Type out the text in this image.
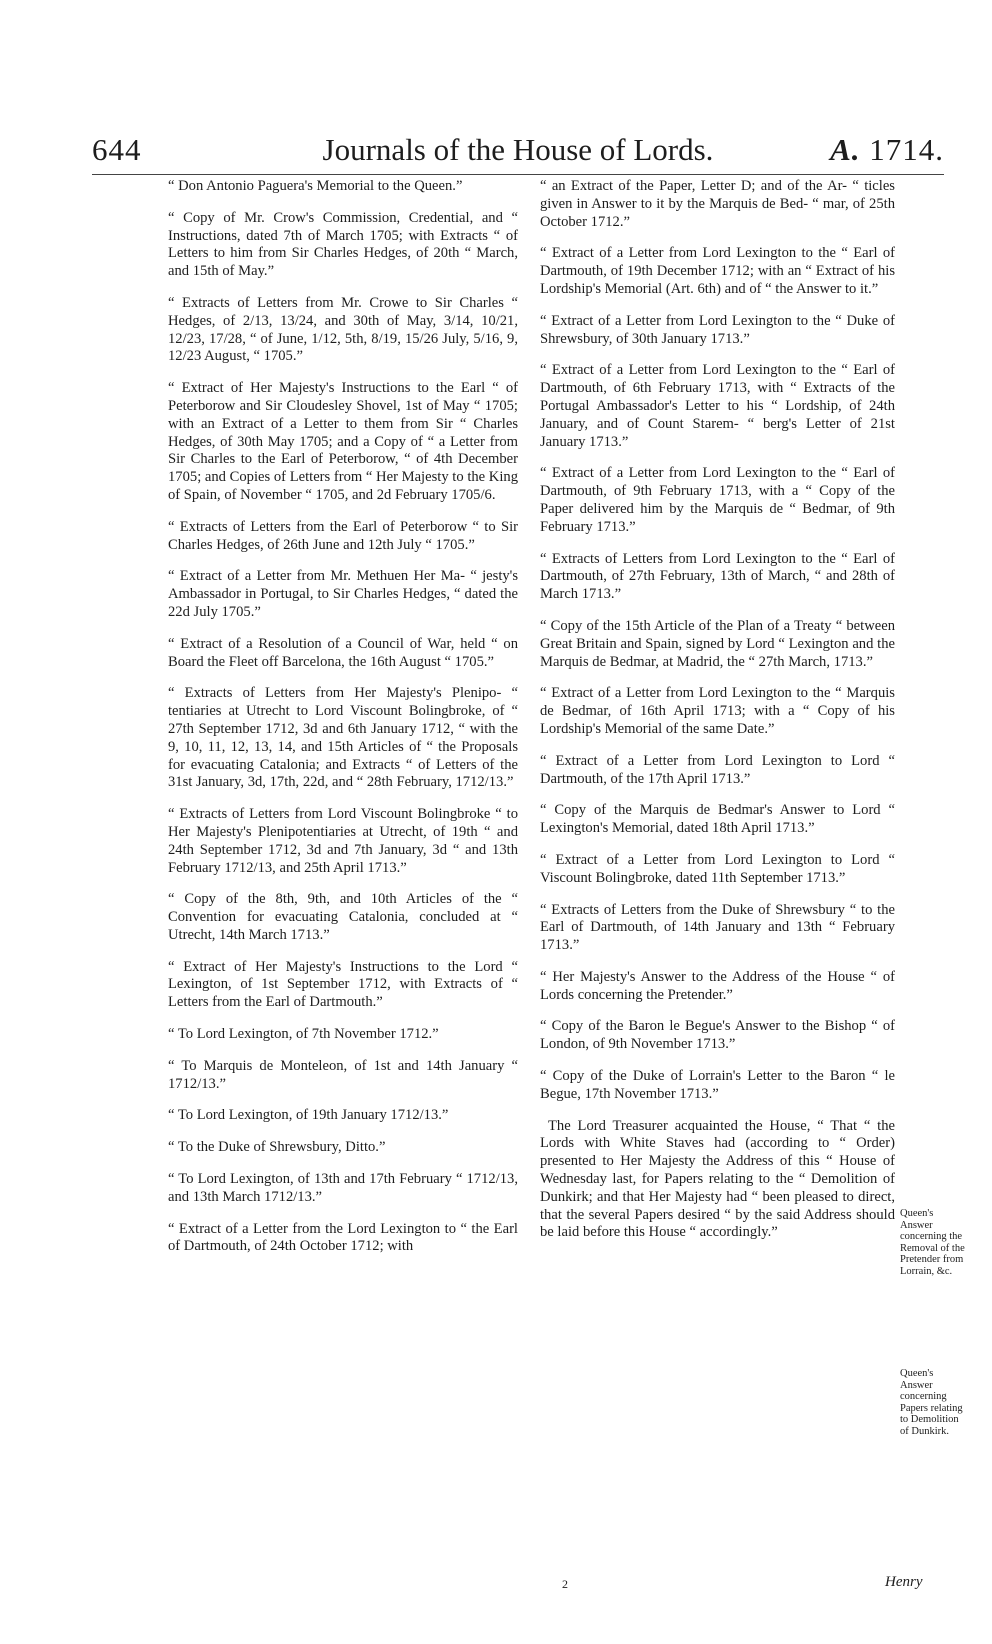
644	Journals of the House of Lords.	A. 1714.

“ Don Antonio Paguera's Memorial to the Queen.”

“ Copy of Mr. Crow's Commission, Credential, and “ Instructions, dated 7th of March 1705; with Extracts “ of Letters to him from Sir Charles Hedges, of 20th “ March, and 15th of May.”

“ Extracts of Letters from Mr. Crowe to Sir Charles “ Hedges, of 2/13, 13/24, and 30th of May, 3/14, 10/21, 12/23, 17/28, “ of June, 1/12, 5th, 8/19, 15/26 July, 5/16, 9, 12/23 August, “ 1705.”

“ Extract of Her Majesty's Instructions to the Earl “ of Peterborow and Sir Cloudesley Shovel, 1st of May “ 1705; with an Extract of a Letter to them from Sir “ Charles Hedges, of 30th May 1705; and a Copy of “ a Letter from Sir Charles to the Earl of Peterborow, “ of 4th December 1705; and Copies of Letters from “ Her Majesty to the King of Spain, of November “ 1705, and 2d February 1705/6.

“ Extracts of Letters from the Earl of Peterborow “ to Sir Charles Hedges, of 26th June and 12th July “ 1705.”

“ Extract of a Letter from Mr. Methuen Her Ma- “ jesty's Ambassador in Portugal, to Sir Charles Hedges, “ dated the 22d July 1705.”

“ Extract of a Resolution of a Council of War, held “ on Board the Fleet off Barcelona, the 16th August “ 1705.”

“ Extracts of Letters from Her Majesty's Plenipo- “ tentiaries at Utrecht to Lord Viscount Bolingbroke, of “ 27th September 1712, 3d and 6th January 1712, “ with the 9, 10, 11, 12, 13, 14, and 15th Articles of “ the Proposals for evacuating Catalonia; and Extracts “ of Letters of the 31st January, 3d, 17th, 22d, and “ 28th February, 1712/13.”

“ Extracts of Letters from Lord Viscount Bolingbroke “ to Her Majesty's Plenipotentiaries at Utrecht, of 19th “ and 24th September 1712, 3d and 7th January, 3d “ and 13th February 1712/13, and 25th April 1713.”

“ Copy of the 8th, 9th, and 10th Articles of the “ Convention for evacuating Catalonia, concluded at “ Utrecht, 14th March 1713.”

“ Extract of Her Majesty's Instructions to the Lord “ Lexington, of 1st September 1712, with Extracts of “ Letters from the Earl of Dartmouth.”

“ To Lord Lexington, of 7th November 1712.”

“ To Marquis de Monteleon, of 1st and 14th January “ 1712/13.”

“ To Lord Lexington, of 19th January 1712/13.”

“ To the Duke of Shrewsbury, Ditto.”

“ To Lord Lexington, of 13th and 17th February “ 1712/13, and 13th March 1712/13.”

“ Extract of a Letter from the Lord Lexington to “ the Earl of Dartmouth, of 24th October 1712; with

“ an Extract of the Paper, Letter D; and of the Ar- “ ticles given in Answer to it by the Marquis de Bed- “ mar, of 25th October 1712.”

“ Extract of a Letter from Lord Lexington to the “ Earl of Dartmouth, of 19th December 1712; with an “ Extract of his Lordship's Memorial (Art. 6th) and of “ the Answer to it.”

“ Extract of a Letter from Lord Lexington to the “ Duke of Shrewsbury, of 30th January 1713.”

“ Extract of a Letter from Lord Lexington to the “ Earl of Dartmouth, of 6th February 1713, with “ Extracts of the Portugal Ambassador's Letter to his “ Lordship, of 24th January, and of Count Starem- “ berg's Letter of 21st January 1713.”

“ Extract of a Letter from Lord Lexington to the “ Earl of Dartmouth, of 9th February 1713, with a “ Copy of the Paper delivered him by the Marquis de “ Bedmar, of 9th February 1713.”

“ Extracts of Letters from Lord Lexington to the “ Earl of Dartmouth, of 27th February, 13th of March, “ and 28th of March 1713.”

“ Copy of the 15th Article of the Plan of a Treaty “ between Great Britain and Spain, signed by Lord “ Lexington and the Marquis de Bedmar, at Madrid, the “ 27th March, 1713.”

“ Extract of a Letter from Lord Lexington to the “ Marquis de Bedmar, of 16th April 1713; with a “ Copy of his Lordship's Memorial of the same Date.”

“ Extract of a Letter from Lord Lexington to Lord “ Dartmouth, of the 17th April 1713.”

“ Copy of the Marquis de Bedmar's Answer to Lord “ Lexington's Memorial, dated 18th April 1713.”

“ Extract of a Letter from Lord Lexington to Lord “ Viscount Bolingbroke, dated 11th September 1713.”

“ Extracts of Letters from the Duke of Shrewsbury “ to the Earl of Dartmouth, of 14th January and 13th “ February 1713.”

“ Her Majesty's Answer to the Address of the House “ of Lords concerning the Pretender.”

“ Copy of the Baron le Begue's Answer to the Bishop “ of London, of 9th November 1713.”

“ Copy of the Duke of Lorrain's Letter to the Baron “ le Begue, 17th November 1713.”

The Lord Treasurer acquainted the House, “ That “ the Lords with White Staves had (according to “ Order) presented to Her Majesty the Address of this “ House of Wednesday last, for Papers relating to the “ Demolition of Dunkirk; and that Her Majesty had “ been pleased to direct, that the several Papers desired “ by the said Address should be laid before this House “ accordingly.”

Queen's Answer concerning the Removal of the Pretender from Lorrain, &c.
Queen's Answer concerning Papers relating to Demolition of Dunkirk.
2	Henry
